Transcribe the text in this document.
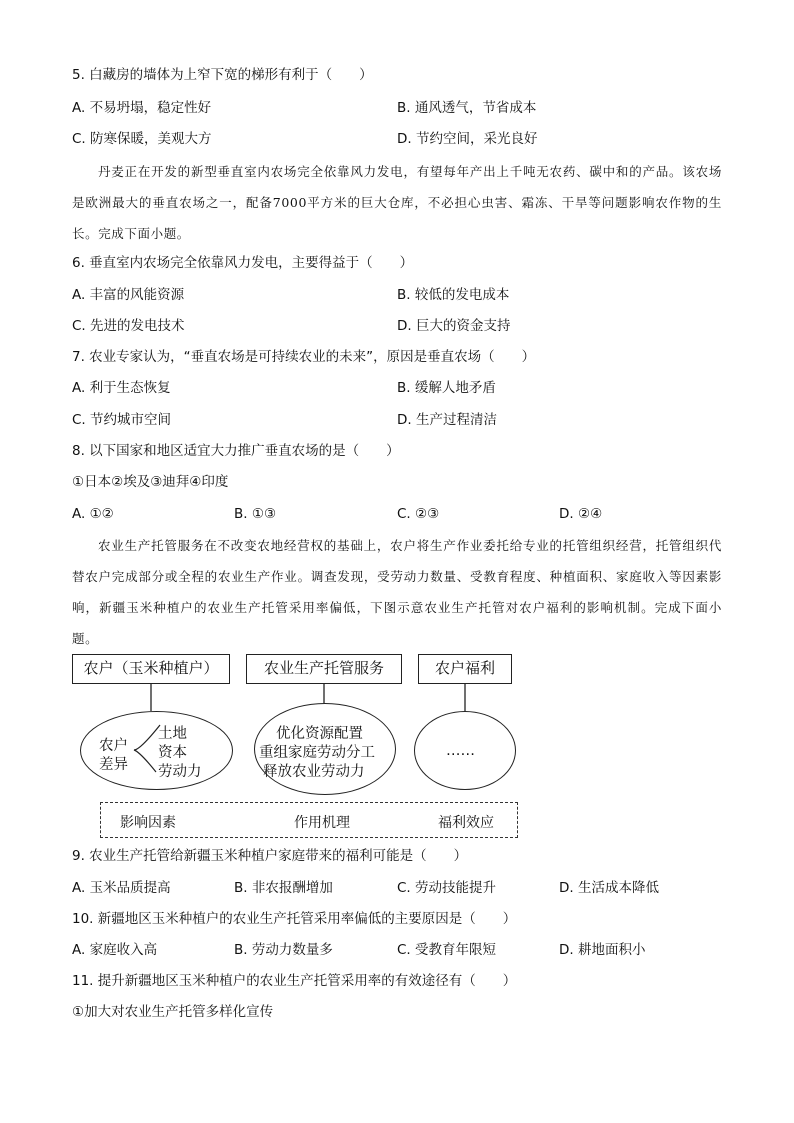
5. 白藏房的墙体为上窄下宽的梯形有利于（　　）
A. 不易坍塌，稳定性好	B. 通风透气，节省成本
C. 防寒保暖，美观大方	D. 节约空间，采光良好
丹麦正在开发的新型垂直室内农场完全依靠风力发电，有望每年产出上千吨无农药、碳中和的产品。该农场是欧洲最大的垂直农场之一，配备7000平方米的巨大仓库，不必担心虫害、霜冻、干旱等问题影响农作物的生长。完成下面小题。
6. 垂直室内农场完全依靠风力发电，主要得益于（　　）
A. 丰富的风能资源	B. 较低的发电成本
C. 先进的发电技术	D. 巨大的资金支持
7. 农业专家认为，“垂直农场是可持续农业的未来”，原因是垂直农场（　　）
A. 利于生态恢复	B. 缓解人地矛盾
C. 节约城市空间	D. 生产过程清洁
8. 以下国家和地区适宜大力推广垂直农场的是（　　）
①日本②埃及③迪拜④印度
A. ①②	B. ①③	C. ②③	D. ②④
农业生产托管服务在不改变农地经营权的基础上，农户将生产作业委托给专业的托管组织经营，托管组织代替农户完成部分或全程的农业生产作业。调查发现，受劳动力数量、受教育程度、种植面积、家庭收入等因素影响，新疆玉米种植户的农业生产托管采用率偏低，下图示意农业生产托管对农户福利的影响机制。完成下面小题。
农户（玉米种植户）	农业生产托管服务	农户福利
农户
差异
土地
资本
劳动力
优化资源配置
重组家庭劳动分工
释放农业劳动力
……
影响因素	作用机理	福利效应
9. 农业生产托管给新疆玉米种植户家庭带来的福利可能是（　　）
A. 玉米品质提高	B. 非农报酬增加	C. 劳动技能提升	D. 生活成本降低
10. 新疆地区玉米种植户的农业生产托管采用率偏低的主要原因是（　　）
A. 家庭收入高	B. 劳动力数量多	C. 受教育年限短	D. 耕地面积小
11. 提升新疆地区玉米种植户的农业生产托管采用率的有效途径有（　　）
①加大对农业生产托管多样化宣传
